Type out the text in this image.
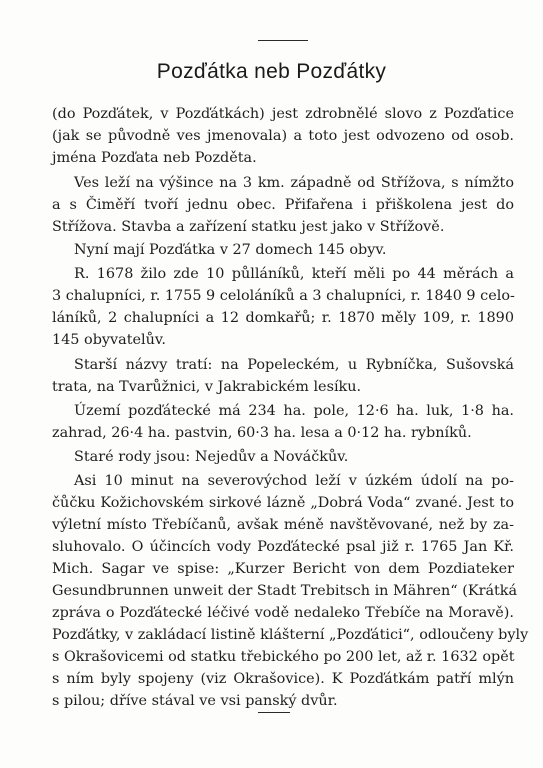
Pozďátka neb Pozďátky
(do Pozďátek, v Pozďátkách) jest zdrobnělé slovo z Pozďatice
(jak se původně ves jmenovala) a toto jest odvozeno od osob.
jména Pozďata neb Pozděta.
Ves leží na výšince na 3 km. západně od Střížova, s nímžto
a s Čiměří tvoří jednu obec. Přifařena i přiškolena jest do
Střížova. Stavba a zařízení statku jest jako v Střížově.
Nyní mají Pozďátka v 27 domech 145 obyv.
R. 1678 žilo zde 10 půlláníků, kteří měli po 44 měrách a
3 chalupníci, r. 1755 9 celoláníků a 3 chalupníci, r. 1840 9 celo-
láníků, 2 chalupníci a 12 domkařů; r. 1870 měly 109, r. 1890
145 obyvatelův.
Starší názvy tratí: na Popeleckém, u Rybníčka, Sušovská
trata, na Tvarůžnici, v Jakrabickém lesíku.
Území pozďátecké má 234 ha. pole, 12·6 ha. luk, 1·8 ha.
zahrad, 26·4 ha. pastvin, 60·3 ha. lesa a 0·12 ha. rybníků.
Staré rody jsou: Nejedův a Nováčkův.
Asi 10 minut na severovýchod leží v úzkém údolí na po-
čůčku Kožichovském sirkové lázně „Dobrá Voda“ zvané. Jest to
výletní místo Třebíčanů, avšak méně navštěvované, než by za-
sluhovalo. O účincích vody Pozďátecké psal již r. 1765 Jan Kř.
Mich. Sagar ve spise: „Kurzer Bericht von dem Pozdiateker
Gesundbrunnen unweit der Stadt Trebitsch in Mähren“ (Krátká
zpráva o Pozďátecké léčivé vodě nedaleko Třebíče na Moravě).
Pozďátky, v zakládací listině klášterní „Pozďátici“, odloučeny byly
s Okrašovicemi od statku třebického po 200 let, až r. 1632 opět
s ním byly spojeny (viz Okrašovice). K Pozďátkám patří mlýn
s pilou; dříve stával ve vsi panský dvůr.
